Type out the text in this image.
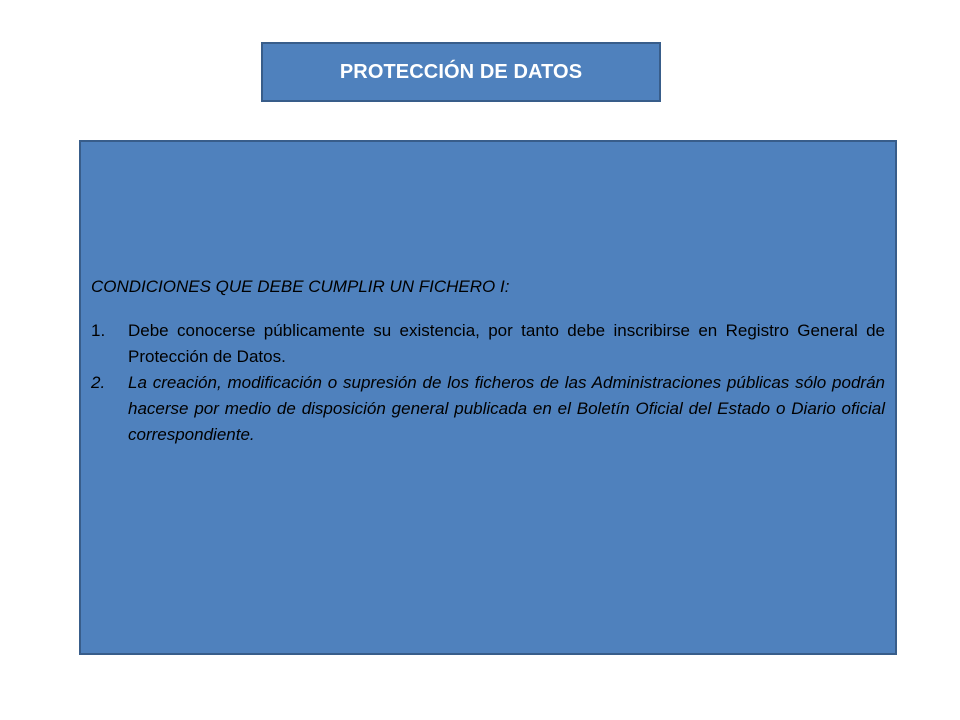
PROTECCIÓN DE DATOS

CONDICIONES QUE DEBE CUMPLIR UN FICHERO I:

1.	Debe conocerse públicamente su existencia, por tanto debe inscribirse en Registro General de Protección de Datos.
2.	La creación, modificación o supresión de los ficheros de las Administraciones públicas sólo podrán hacerse por medio de disposición general publicada en el Boletín Oficial del Estado o Diario oficial correspondiente.
